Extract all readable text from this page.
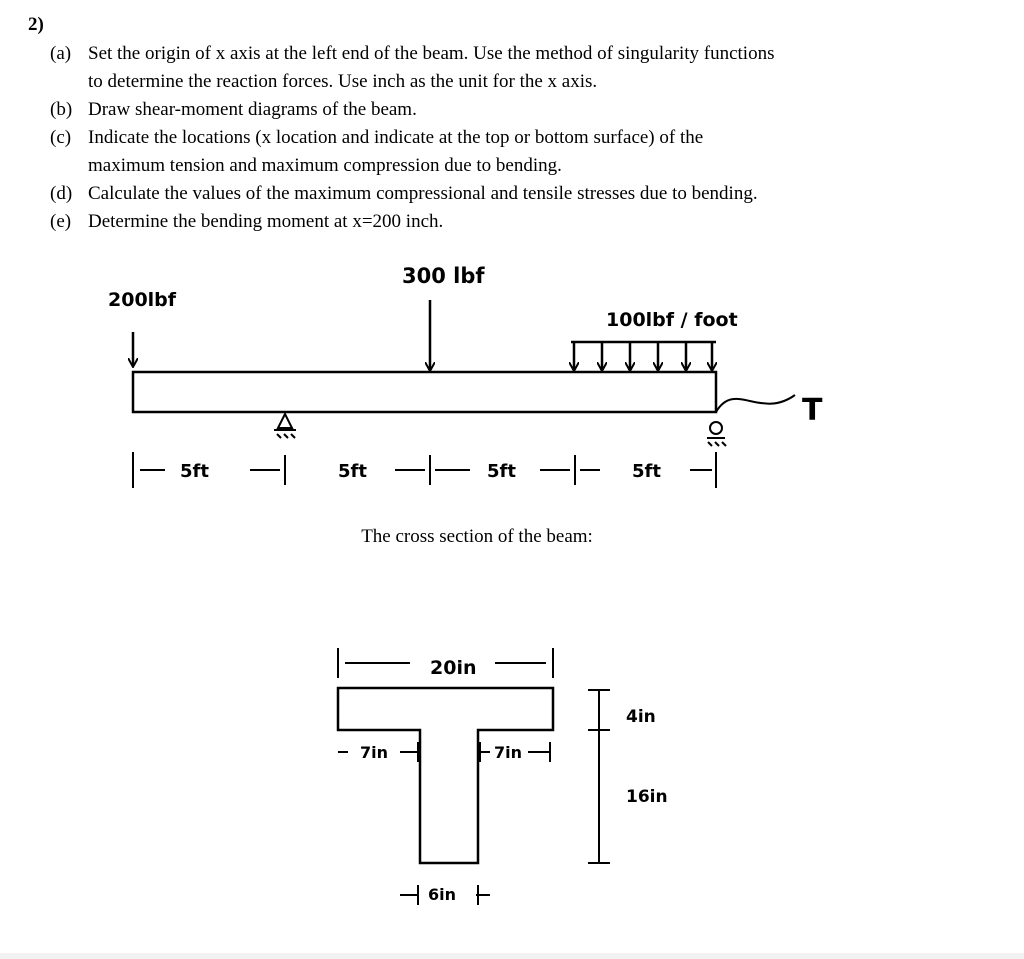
2)
(a) Set the origin of x axis at the left end of the beam. Use the method of singularity functions
to determine the reaction forces. Use inch as the unit for the x axis.
(b) Draw shear-moment diagrams of the beam.
(c) Indicate the locations (x location and indicate at the top or bottom surface) of the
maximum tension and maximum compression due to bending.
(d) Calculate the values of the maximum compressional and tensile stresses due to bending.
(e) Determine the bending moment at x=200 inch.
200lbf
300 lbf
100lbf / foot
T
5ft	5ft	5ft	5ft
20in
7in	7in
6in
4in
16in
The cross section of the beam:
